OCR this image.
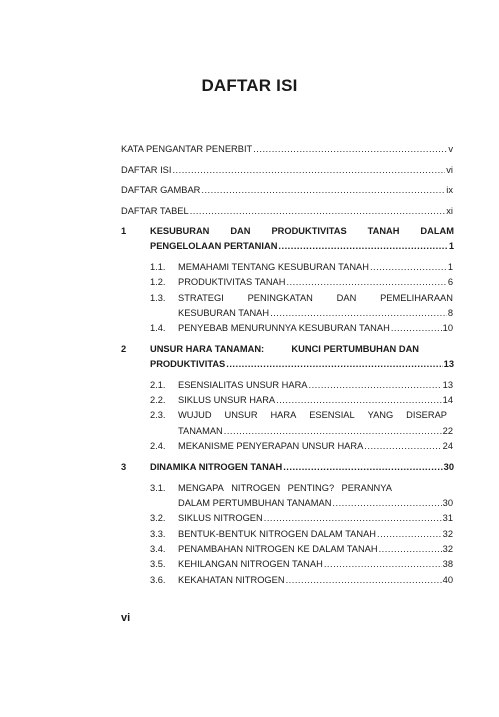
DAFTAR ISI
KATA PENGANTAR PENERBIT .....	v
DAFTAR ISI .....	vi
DAFTAR GAMBAR .....	ix
DAFTAR TABEL .....	xi
1	KESUBURAN DAN PRODUKTIVITAS TANAH DALAM
PENGELOLAAN PERTANIAN .....	1
1.1. MEMAHAMI TENTANG KESUBURAN TANAH .....	1
1.2. PRODUKTIVITAS TANAH .....	6
1.3. STRATEGI	PENINGKATAN	DAN	PEMELIHARAAN
KESUBURAN TANAH .....	8
1.4. PENYEBAB MENURUNNYA KESUBURAN TANAH .....	10
2	UNSUR HARA TANAMAN:	KUNCI PERTUMBUHAN DAN
PRODUKTIVITAS .....	13
2.1. ESENSIALITAS UNSUR HARA .....	13
2.2. SIKLUS UNSUR HARA .....	14
2.3. WUJUD UNSUR HARA ESENSIAL YANG DISERAP
TANAMAN .....	22
2.4. MEKANISME PENYERAPAN UNSUR HARA .....	24
3	DINAMIKA NITROGEN TANAH .....	30
3.1. MENGAPA NITROGEN PENTING? PERANNYA
DALAM PERTUMBUHAN TANAMAN .....	30
3.2. SIKLUS NITROGEN .....	31
3.3. BENTUK-BENTUK NITROGEN DALAM TANAH .....	32
3.4. PENAMBAHAN NITROGEN KE DALAM TANAH .....	32
3.5. KEHILANGAN NITROGEN TANAH .....	38
3.6. KEKAHATAN NITROGEN .....	40
vi
